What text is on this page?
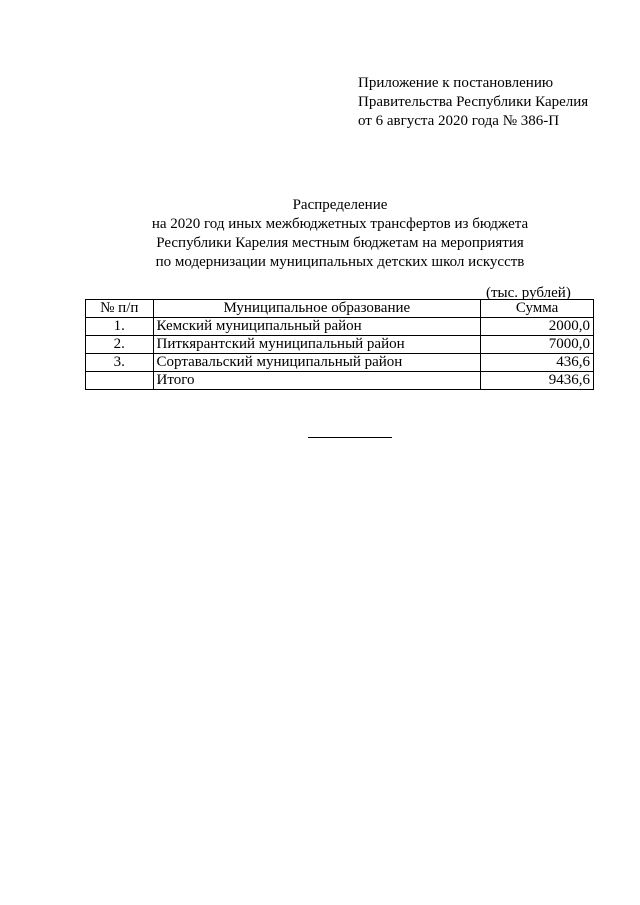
Приложение к постановлению
Правительства Республики Карелия
от 6 августа 2020 года № 386-П
Распределение
на 2020 год иных межбюджетных трансфертов из бюджета
Республики Карелия местным бюджетам на мероприятия
по модернизации муниципальных детских школ искусств
(тыс. рублей)
№ п/п	Муниципальное образование	Сумма
1.	Кемский муниципальный район	2000,0
2.	Питкярантский муниципальный район	7000,0
3.	Сортавальский муниципальный район	436,6
	Итого	9436,6
